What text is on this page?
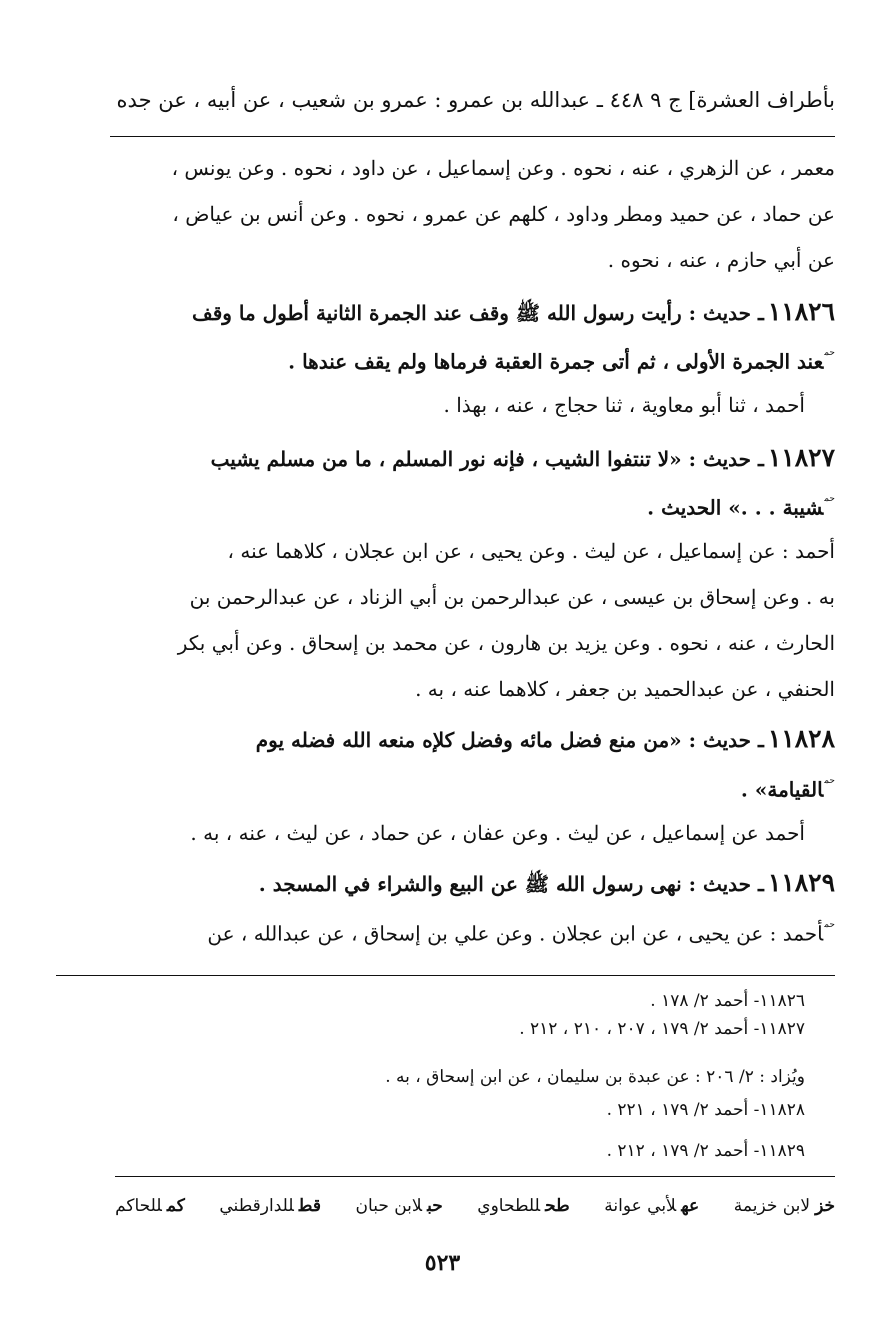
بأطراف العشرة] ج ٩ ٤٤٨ ـ عبدالله بن عمرو : عمرو بن شعيب ، عن أبيه ، عن جده
معمر ، عن الزهري ، عنه ، نحوه . وعن إسماعيل ، عن داود ، نحوه . وعن يونس ،
عن حماد ، عن حميد ومطر وداود ، كلهم عن عمرو ، نحوه . وعن أنس بن عياض ،
عن أبي حازم ، عنه ، نحوه .
١١٨٢٦ـ حديث : رأيت رسول الله ﷺ وقف عند الجمرة الثانية أطول ما وقف
$^{حم}$عند الجمرة الأولى ، ثم أتى جمرة العقبة فرماها ولم يقف عندها .
أحمد ، ثنا أبو معاوية ، ثنا حجاج ، عنه ، بهذا .
١١٨٢٧ـ حديث : «لا تنتفوا الشيب ، فإنه نور المسلم ، ما من مسلم يشيب
$^{حم}$شيبة . . .» الحديث .
أحمد : عن إسماعيل ، عن ليث . وعن يحيى ، عن ابن عجلان ، كلاهما عنه ،
به . وعن إسحاق بن عيسى ، عن عبدالرحمن بن أبي الزناد ، عن عبدالرحمن بن
الحارث ، عنه ، نحوه . وعن يزيد بن هارون ، عن محمد بن إسحاق . وعن أبي بكر
الحنفي ، عن عبدالحميد بن جعفر ، كلاهما عنه ، به .
١١٨٢٨ـ حديث : «من منع فضل مائه وفضل كلإه منعه الله فضله يوم
$^{حم}$القيامة» .
أحمد عن إسماعيل ، عن ليث . وعن عفان ، عن حماد ، عن ليث ، عنه ، به .
١١٨٢٩ـ حديث : نهى رسول الله ﷺ عن البيع والشراء في المسجد .
$^{حم}$أحمد : عن يحيى ، عن ابن عجلان . وعن علي بن إسحاق ، عن عبدالله ، عن
١١٨٢٦- أحمد ٢/ ١٧٨ .
١١٨٢٧- أحمد ٢/ ١٧٩ ، ٢٠٧ ، ٢١٠ ، ٢١٢ .
ويُزاد : ٢/ ٢٠٦ : عن عبدة بن سليمان ، عن ابن إسحاق ، به .
١١٨٢٨- أحمد ٢/ ١٧٩ ، ٢٢١ .
١١٨٢٩- أحمد ٢/ ١٧٩ ، ٢١٢ .
خزلابن خزيمة
عهلأبي عوانة
طحللطحاوي
حبلابن حبان
قطللدارقطني
كمللحاكم
٥٢٣
